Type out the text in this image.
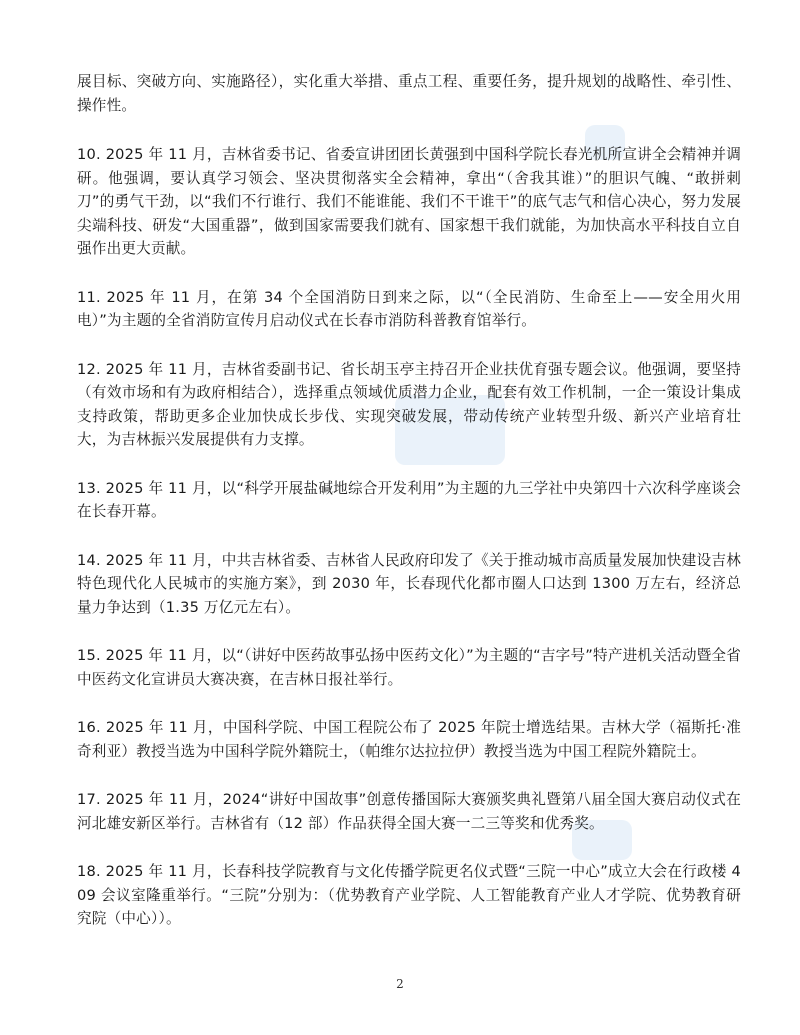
展目标、突破方向、实施路径），实化重大举措、重点工程、重要任务，提升规划的战略性、牵引性、操作性。

10. 2025 年 11 月，吉林省委书记、省委宣讲团团长黄强到中国科学院长春光机所宣讲全会精神并调研。他强调，要认真学习领会、坚决贯彻落实全会精神，拿出“（舍我其谁）”的胆识气魄、“敢拼刺刀”的勇气干劲，以“我们不行谁行、我们不能谁能、我们不干谁干”的底气志气和信心决心，努力发展尖端科技、研发“大国重器”，做到国家需要我们就有、国家想干我们就能，为加快高水平科技自立自强作出更大贡献。

11. 2025 年 11 月，在第 34 个全国消防日到来之际，以“（全民消防、生命至上——安全用火用电）”为主题的全省消防宣传月启动仪式在长春市消防科普教育馆举行。

12. 2025 年 11 月，吉林省委副书记、省长胡玉亭主持召开企业扶优育强专题会议。他强调，要坚持（有效市场和有为政府相结合），选择重点领域优质潜力企业，配套有效工作机制，一企一策设计集成支持政策，帮助更多企业加快成长步伐、实现突破发展，带动传统产业转型升级、新兴产业培育壮大，为吉林振兴发展提供有力支撑。

13. 2025 年 11 月，以“科学开展盐碱地综合开发利用”为主题的九三学社中央第四十六次科学座谈会在长春开幕。

14. 2025 年 11 月，中共吉林省委、吉林省人民政府印发了《关于推动城市高质量发展加快建设吉林特色现代化人民城市的实施方案》，到 2030 年，长春现代化都市圈人口达到 1300 万左右，经济总量力争达到（1.35 万亿元左右）。

15. 2025 年 11 月，以“（讲好中医药故事弘扬中医药文化）”为主题的“吉字号”特产进机关活动暨全省中医药文化宣讲员大赛决赛，在吉林日报社举行。

16. 2025 年 11 月，中国科学院、中国工程院公布了 2025 年院士增选结果。吉林大学（福斯托·准奇利亚）教授当选为中国科学院外籍院士，（帕维尔达拉拉伊）教授当选为中国工程院外籍院士。

17. 2025 年 11 月，2024“讲好中国故事”创意传播国际大赛颁奖典礼暨第八届全国大赛启动仪式在河北雄安新区举行。吉林省有（12 部）作品获得全国大赛一二三等奖和优秀奖。

18. 2025 年 11 月，长春科技学院教育与文化传播学院更名仪式暨“三院一中心”成立大会在行政楼 409 会议室隆重举行。“三院”分别为：（优势教育产业学院、人工智能教育产业人才学院、优势教育研究院（中心））。

2
